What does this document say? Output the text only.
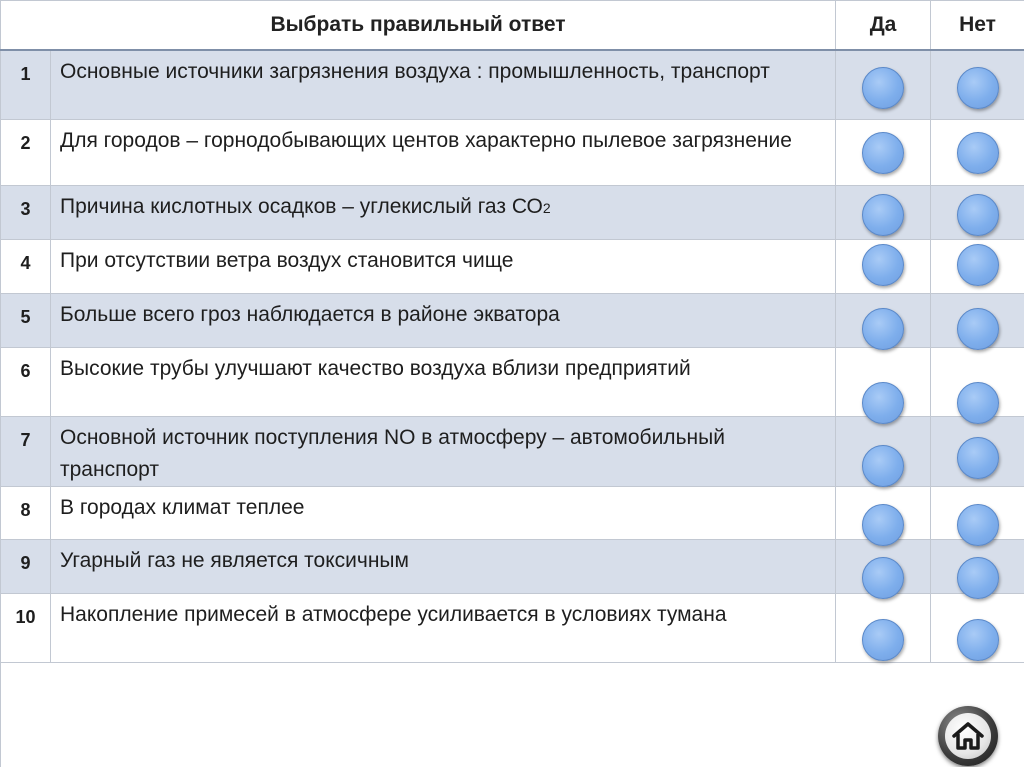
Выбрать правильный ответ		Да	Нет
1	Основные источники загрязнения воздуха : промышленность, транспорт	

2	Для городов – горнодобывающих центов характерно пылевое загрязнение	

3	Причина кислотных осадков – углекислый газ СО2	

4	При отсутствии ветра воздух становится чище	

5	Больше всего гроз наблюдается в районе экватора	

6	Высокие трубы улучшают качество воздуха вблизи предприятий	

7	Основной источник поступления NO в атмосферу – автомобильный транспорт	

8	В городах климат теплее	

9	Угарный газ не является токсичным	

10	Накопление примесей в атмосфере усиливается в условиях тумана	
